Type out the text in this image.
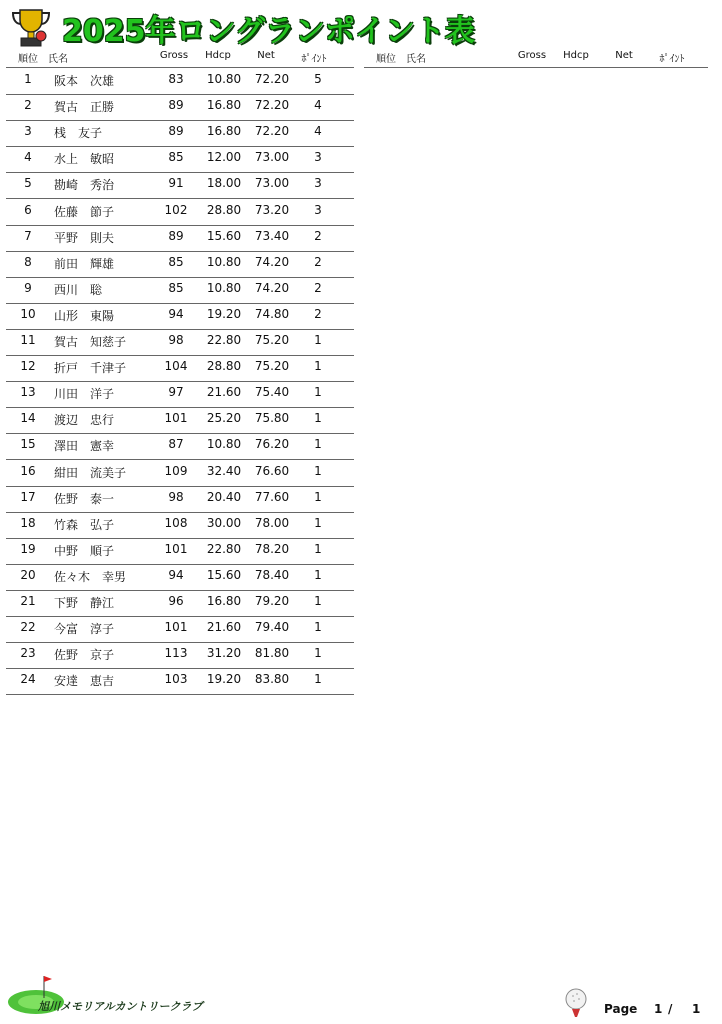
2025年ロングランポイント表
順位	氏名	Gross	Hdcp	Net	ﾎﾟｲﾝﾄ	順位	氏名	Gross	Hdcp	Net	ﾎﾟｲﾝﾄ
1	阪本　次雄	83	10.80	72.20	5
2	賀古　正勝	89	16.80	72.20	4
3	桟　友子	89	16.80	72.20	4
4	水上　敏昭	85	12.00	73.00	3
5	勘崎　秀治	91	18.00	73.00	3
6	佐藤　節子	102	28.80	73.20	3
7	平野　則夫	89	15.60	73.40	2
8	前田　輝雄	85	10.80	74.20	2
9	西川　聡	85	10.80	74.20	2
10	山形　東陽	94	19.20	74.80	2
11	賀古　知慈子	98	22.80	75.20	1
12	折戸　千津子	104	28.80	75.20	1
13	川田　洋子	97	21.60	75.40	1
14	渡辺　忠行	101	25.20	75.80	1
15	澤田　憲幸	87	10.80	76.20	1
16	紺田　流美子	109	32.40	76.60	1
17	佐野　泰一	98	20.40	77.60	1
18	竹森　弘子	108	30.00	78.00	1
19	中野　順子	101	22.80	78.20	1
20	佐々木　幸男	94	15.60	78.40	1
21	下野　静江	96	16.80	79.20	1
22	今富　淳子	101	21.60	79.40	1
23	佐野　京子	113	31.20	81.80	1
24	安達　恵吉	103	19.20	83.80	1
旭川メモリアルカントリークラブ	Page 1 / 1
